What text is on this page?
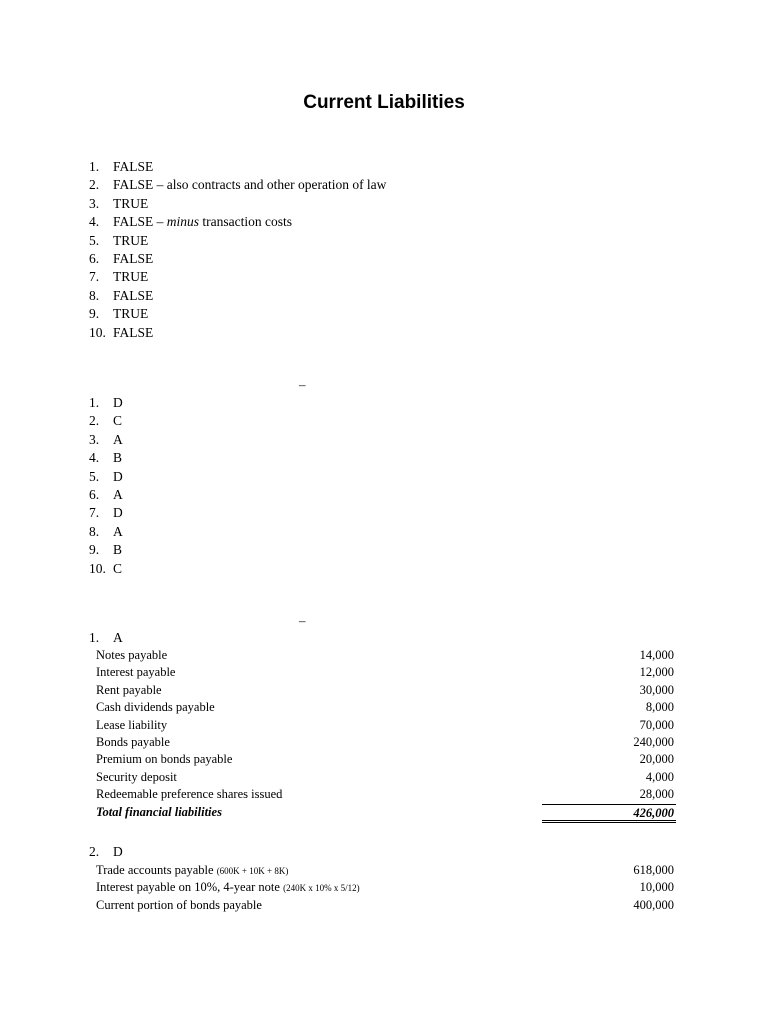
Current Liabilities
1.	FALSE
2.	FALSE – also contracts and other operation of law
3.	TRUE
4.	FALSE – minus transaction costs
5.	TRUE
6.	FALSE
7.	TRUE
8.	FALSE
9.	TRUE
10. FALSE
–
1.	D
2.	C
3.	A
4.	B
5.	D
6.	A
7.	D
8.	A
9.	B
10. C
–
1.	A
Notes payable	14,000
Interest payable	12,000
Rent payable	30,000
Cash dividends payable	8,000
Lease liability	70,000
Bonds payable	240,000
Premium on bonds payable	20,000
Security deposit	4,000
Redeemable preference shares issued	28,000
Total financial liabilities	426,000
2.	D
Trade accounts payable (600K + 10K + 8K)	618,000
Interest payable on 10%, 4-year note (240K x 10% x 5/12)	10,000
Current portion of bonds payable	400,000
